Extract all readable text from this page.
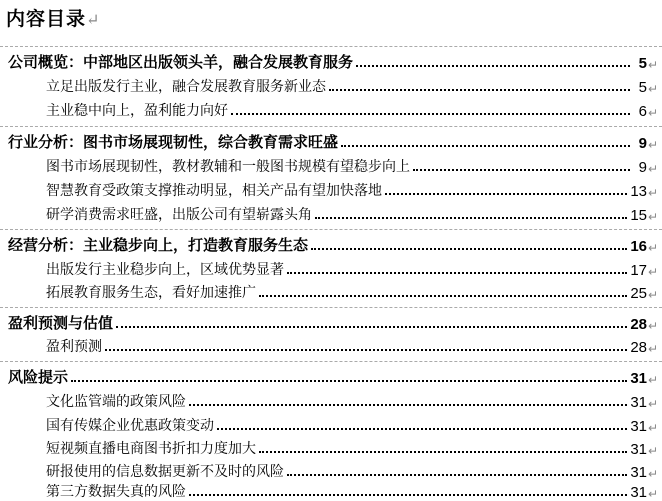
内容目录↵
公司概览：中部地区出版领头羊，融合发展教育服务	5 ↵
立足出版发行主业，融合发展教育服务新业态	5 ↵
主业稳中向上，盈利能力向好	6 ↵
行业分析：图书市场展现韧性，综合教育需求旺盛	9 ↵
图书市场展现韧性，教材教辅和一般图书规模有望稳步向上	9 ↵
智慧教育受政策支撑推动明显，相关产品有望加快落地	13 ↵
研学消费需求旺盛，出版公司有望崭露头角	15 ↵
经营分析：主业稳步向上，打造教育服务生态	16 ↵
出版发行主业稳步向上，区域优势显著	17 ↵
拓展教育服务生态，看好加速推广	25 ↵
盈利预测与估值	28 ↵
盈利预测	28 ↵
风险提示	31 ↵
文化监管端的政策风险	31 ↵
国有传媒企业优惠政策变动	31 ↵
短视频直播电商图书折扣力度加大	31 ↵
研报使用的信息数据更新不及时的风险	31 ↵
第三方数据失真的风险	31 ↵
